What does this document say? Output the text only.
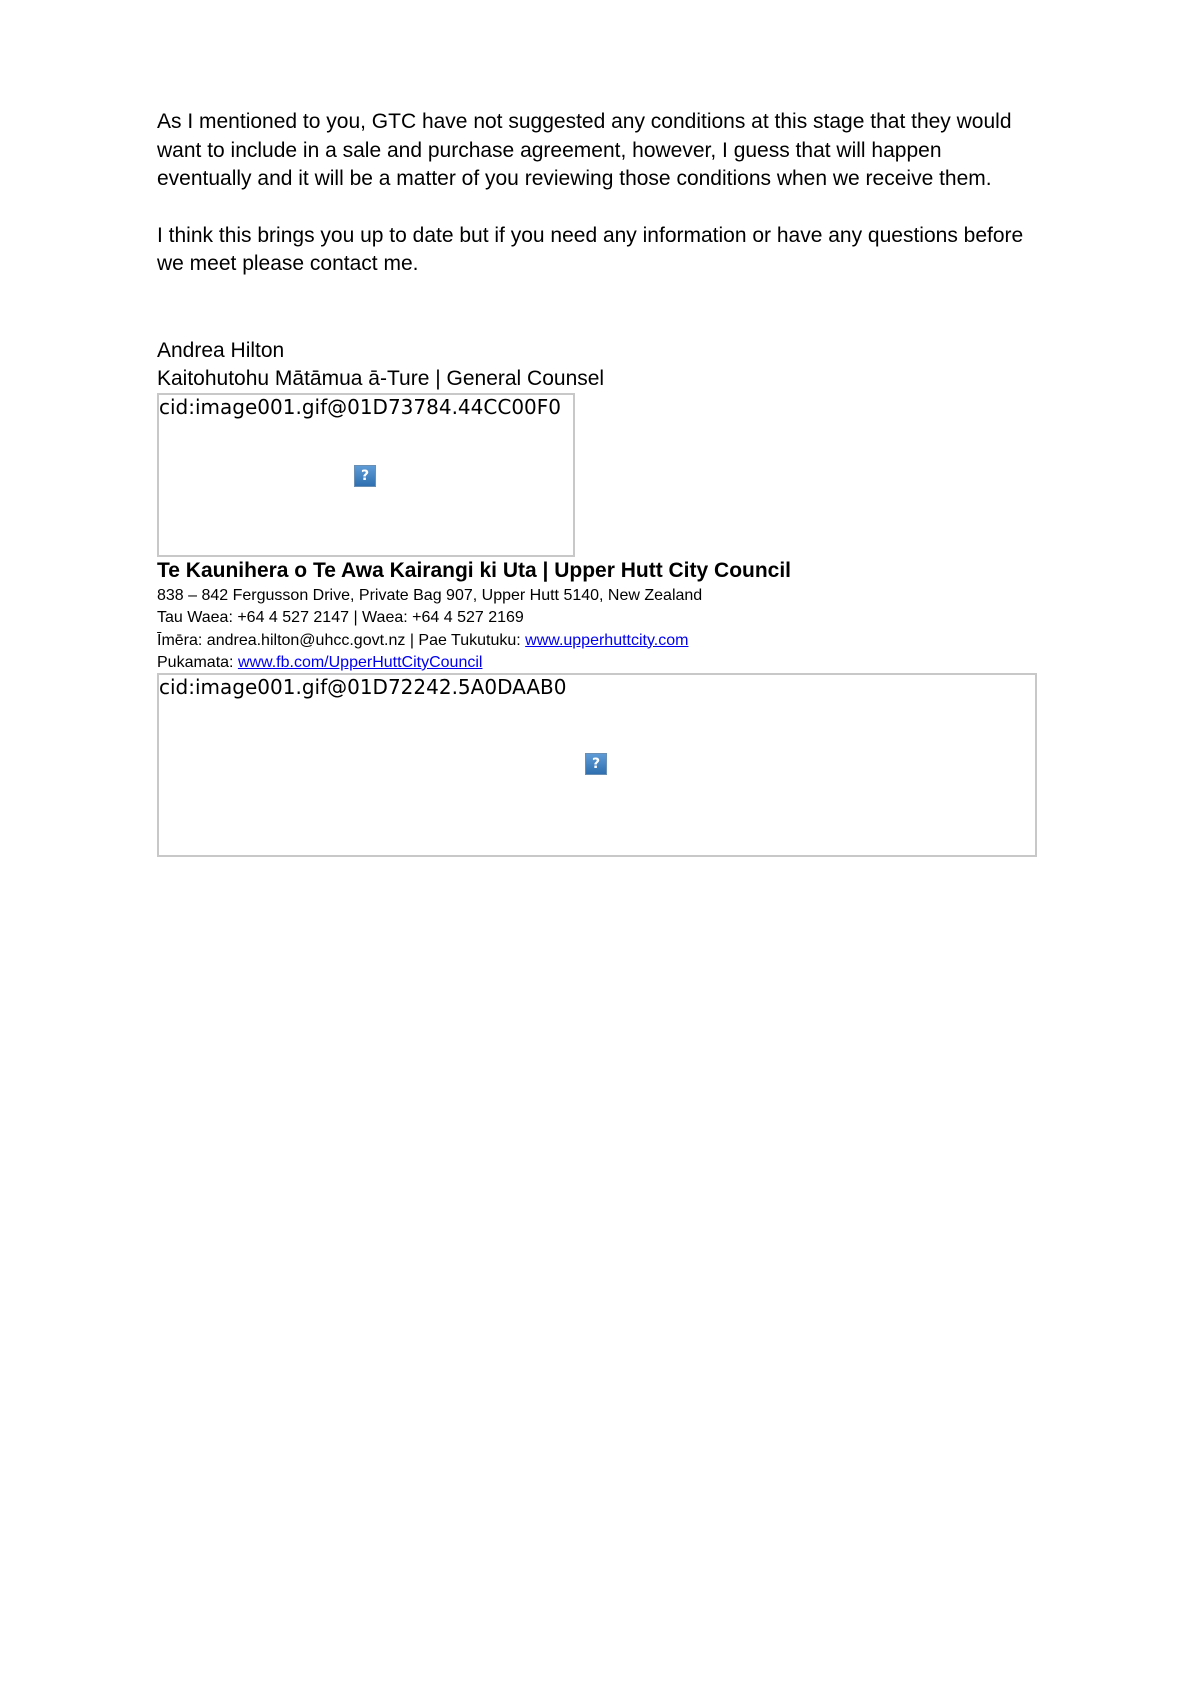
As I mentioned to you, GTC have not suggested any conditions at this stage that they would want to include in a sale and purchase agreement, however, I guess that will happen eventually and it will be a matter of you reviewing those conditions when we receive them.

I think this brings you up to date but if you need any information or have any questions before we meet please contact me.

Andrea Hilton
Kaitohutohu Mātāmua ā-Ture | General Counsel
cid:image001.gif@01D73784.44CC00F0
?
Te Kaunihera o Te Awa Kairangi ki Uta | Upper Hutt City Council
838 – 842 Fergusson Drive, Private Bag 907, Upper Hutt 5140, New Zealand
Tau Waea: +64 4 527 2147 | Waea: +64 4 527 2169
Īmēra: andrea.hilton@uhcc.govt.nz | Pae Tukutuku: www.upperhuttcity.com
Pukamata: www.fb.com/UpperHuttCityCouncil
cid:image001.gif@01D72242.5A0DAAB0
?
